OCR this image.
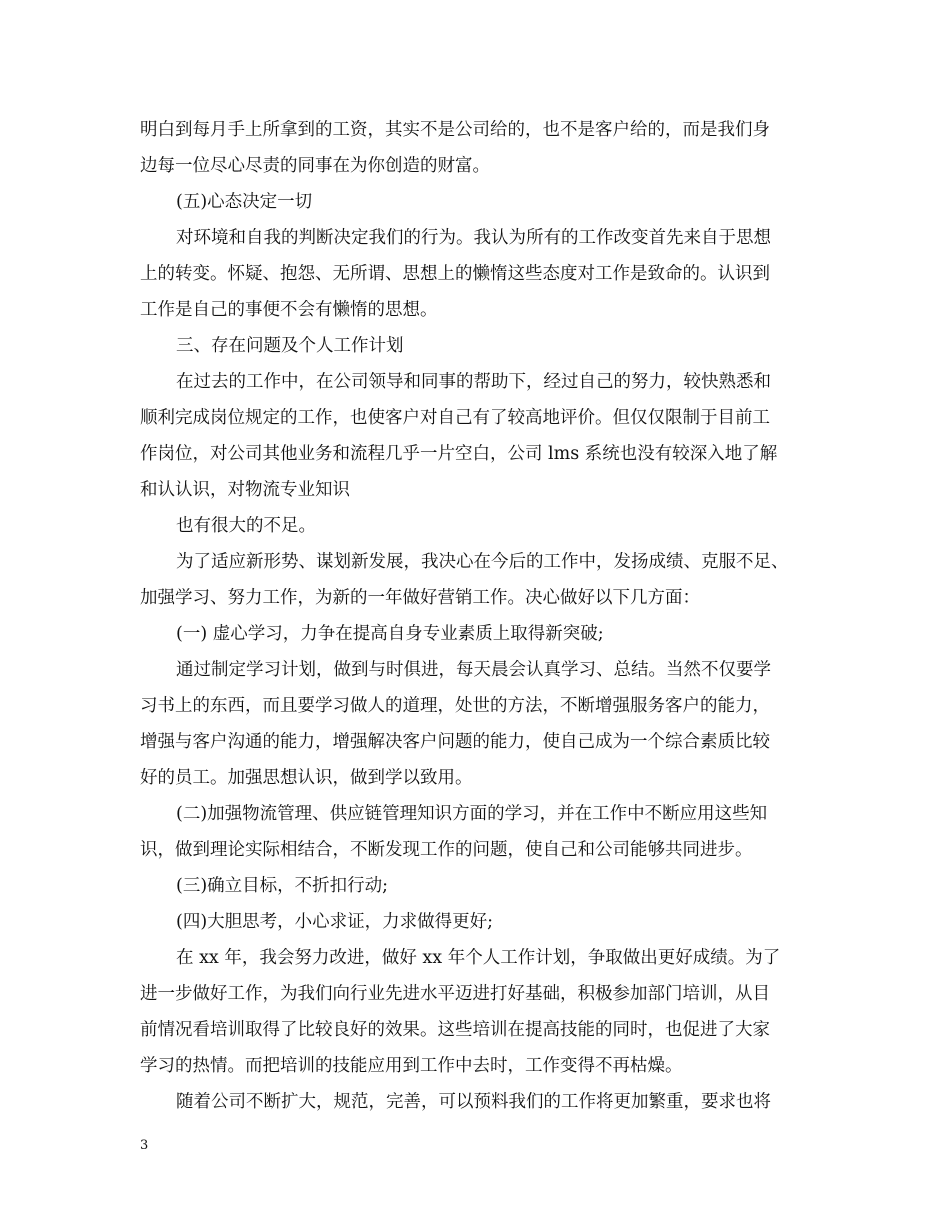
明白到每月手上所拿到的工资，其实不是公司给的，也不是客户给的，而是我们身
边每一位尽心尽责的同事在为你创造的财富。
(五)心态决定一切
对环境和自我的判断决定我们的行为。我认为所有的工作改变首先来自于思想
上的转变。怀疑、抱怨、无所谓、思想上的懒惰这些态度对工作是致命的。认识到
工作是自己的事便不会有懒惰的思想。
三、存在问题及个人工作计划
在过去的工作中，在公司领导和同事的帮助下，经过自己的努力，较快熟悉和
顺利完成岗位规定的工作，也使客户对自己有了较高地评价。但仅仅限制于目前工
作岗位，对公司其他业务和流程几乎一片空白，公司 lms 系统也没有较深入地了解
和认认识，对物流专业知识
也有很大的不足。
为了适应新形势、谋划新发展，我决心在今后的工作中，发扬成绩、克服不足、
加强学习、努力工作，为新的一年做好营销工作。决心做好以下几方面：
(一) 虚心学习，力争在提高自身专业素质上取得新突破;
通过制定学习计划，做到与时俱进，每天晨会认真学习、总结。当然不仅要学
习书上的东西，而且要学习做人的道理，处世的方法，不断增强服务客户的能力，
增强与客户沟通的能力，增强解决客户问题的能力，使自己成为一个综合素质比较
好的员工。加强思想认识，做到学以致用。
(二)加强物流管理、供应链管理知识方面的学习，并在工作中不断应用这些知
识，做到理论实际相结合，不断发现工作的问题，使自己和公司能够共同进步。
(三)确立目标，不折扣行动;
(四)大胆思考，小心求证，力求做得更好;
在 xx 年，我会努力改进，做好 xx 年个人工作计划，争取做出更好成绩。为了
进一步做好工作，为我们向行业先进水平迈进打好基础，积极参加部门培训，从目
前情况看培训取得了比较良好的效果。这些培训在提高技能的同时，也促进了大家
学习的热情。而把培训的技能应用到工作中去时，工作变得不再枯燥。
随着公司不断扩大，规范，完善，可以预料我们的工作将更加繁重，要求也将
3
